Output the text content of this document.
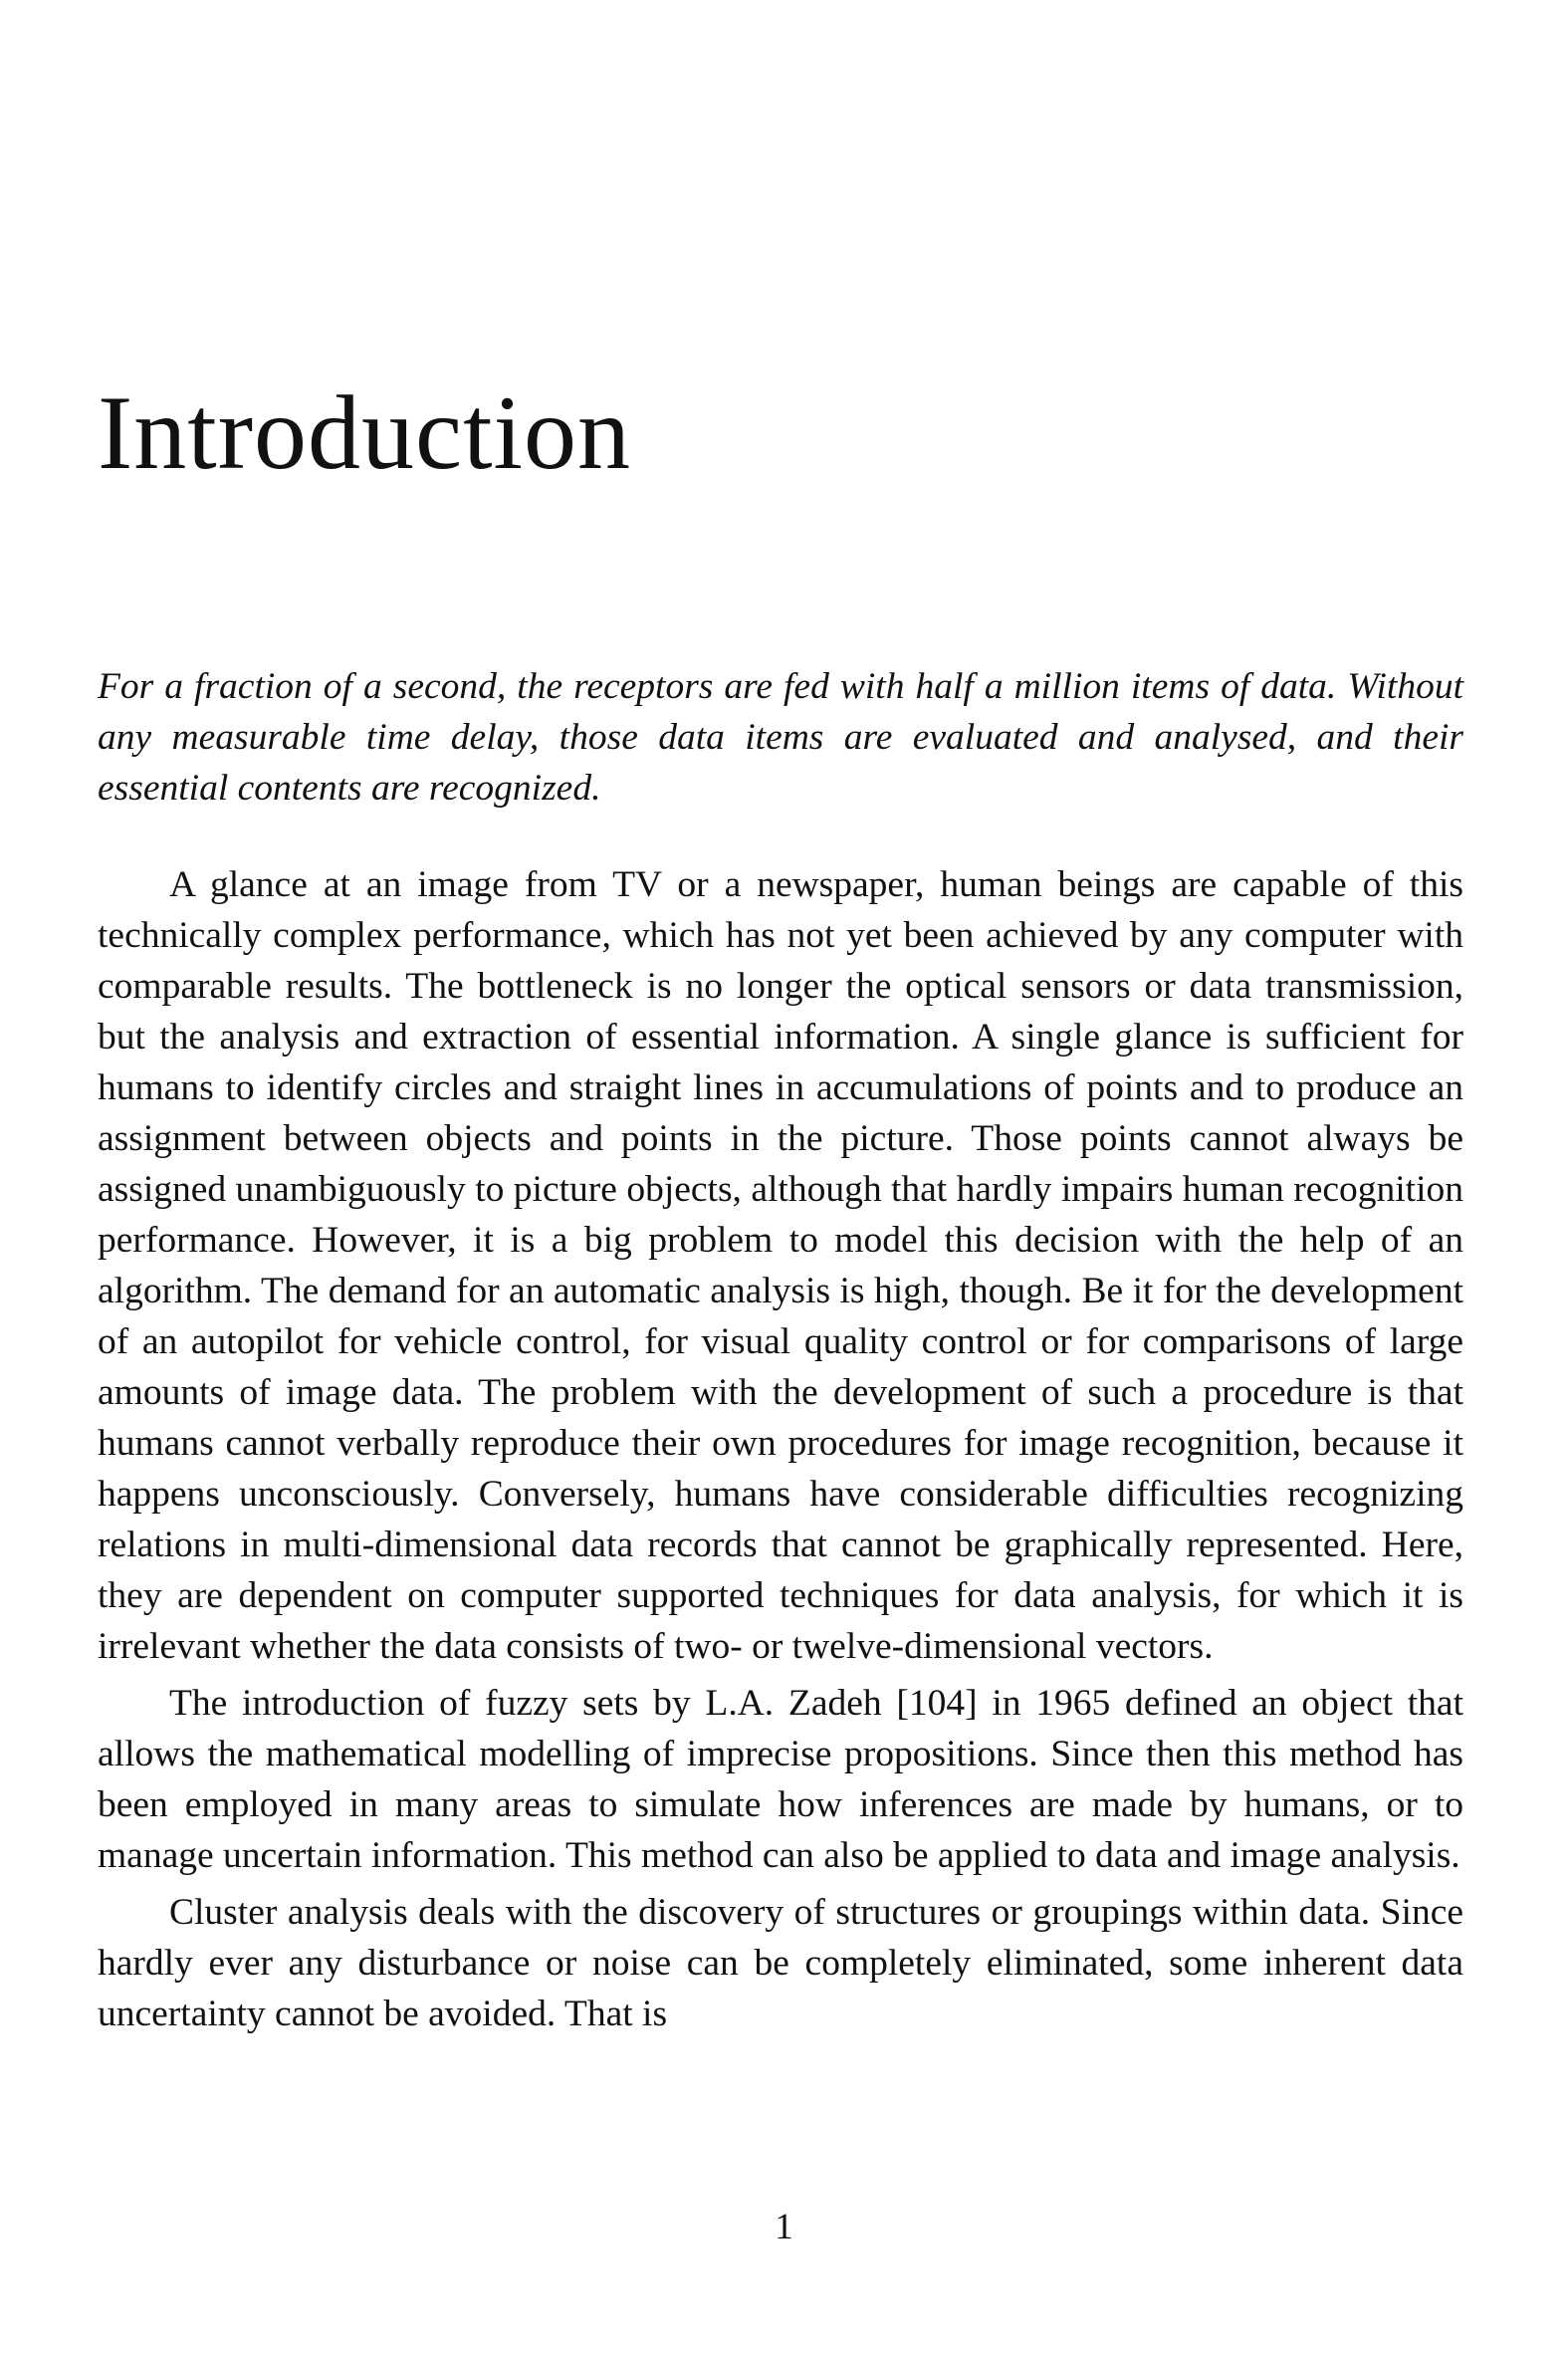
Introduction

For a fraction of a second, the receptors are fed with half a million items of data. Without any measurable time delay, those data items are evaluated and analysed, and their essential contents are recognized.

A glance at an image from TV or a newspaper, human beings are capable of this technically complex performance, which has not yet been achieved by any computer with comparable results. The bottleneck is no longer the optical sensors or data transmission, but the analysis and extraction of essential information. A single glance is sufficient for humans to identify circles and straight lines in accumulations of points and to produce an assignment between objects and points in the picture. Those points cannot always be assigned unambiguously to picture objects, although that hardly impairs human recognition performance. However, it is a big problem to model this decision with the help of an algorithm. The demand for an automatic analysis is high, though. Be it for the development of an autopilot for vehicle control, for visual quality control or for comparisons of large amounts of image data. The problem with the development of such a procedure is that humans cannot verbally reproduce their own procedures for image recognition, because it happens unconsciously. Conversely, humans have considerable difficulties recognizing relations in multi-dimensional data records that cannot be graphically represented. Here, they are dependent on computer supported techniques for data analysis, for which it is irrelevant whether the data consists of two- or twelve-dimensional vectors.

The introduction of fuzzy sets by L.A. Zadeh [104] in 1965 defined an object that allows the mathematical modelling of imprecise propositions. Since then this method has been employed in many areas to simulate how inferences are made by humans, or to manage uncertain information. This method can also be applied to data and image analysis.

Cluster analysis deals with the discovery of structures or groupings within data. Since hardly ever any disturbance or noise can be completely eliminated, some inherent data uncertainty cannot be avoided. That is

1
